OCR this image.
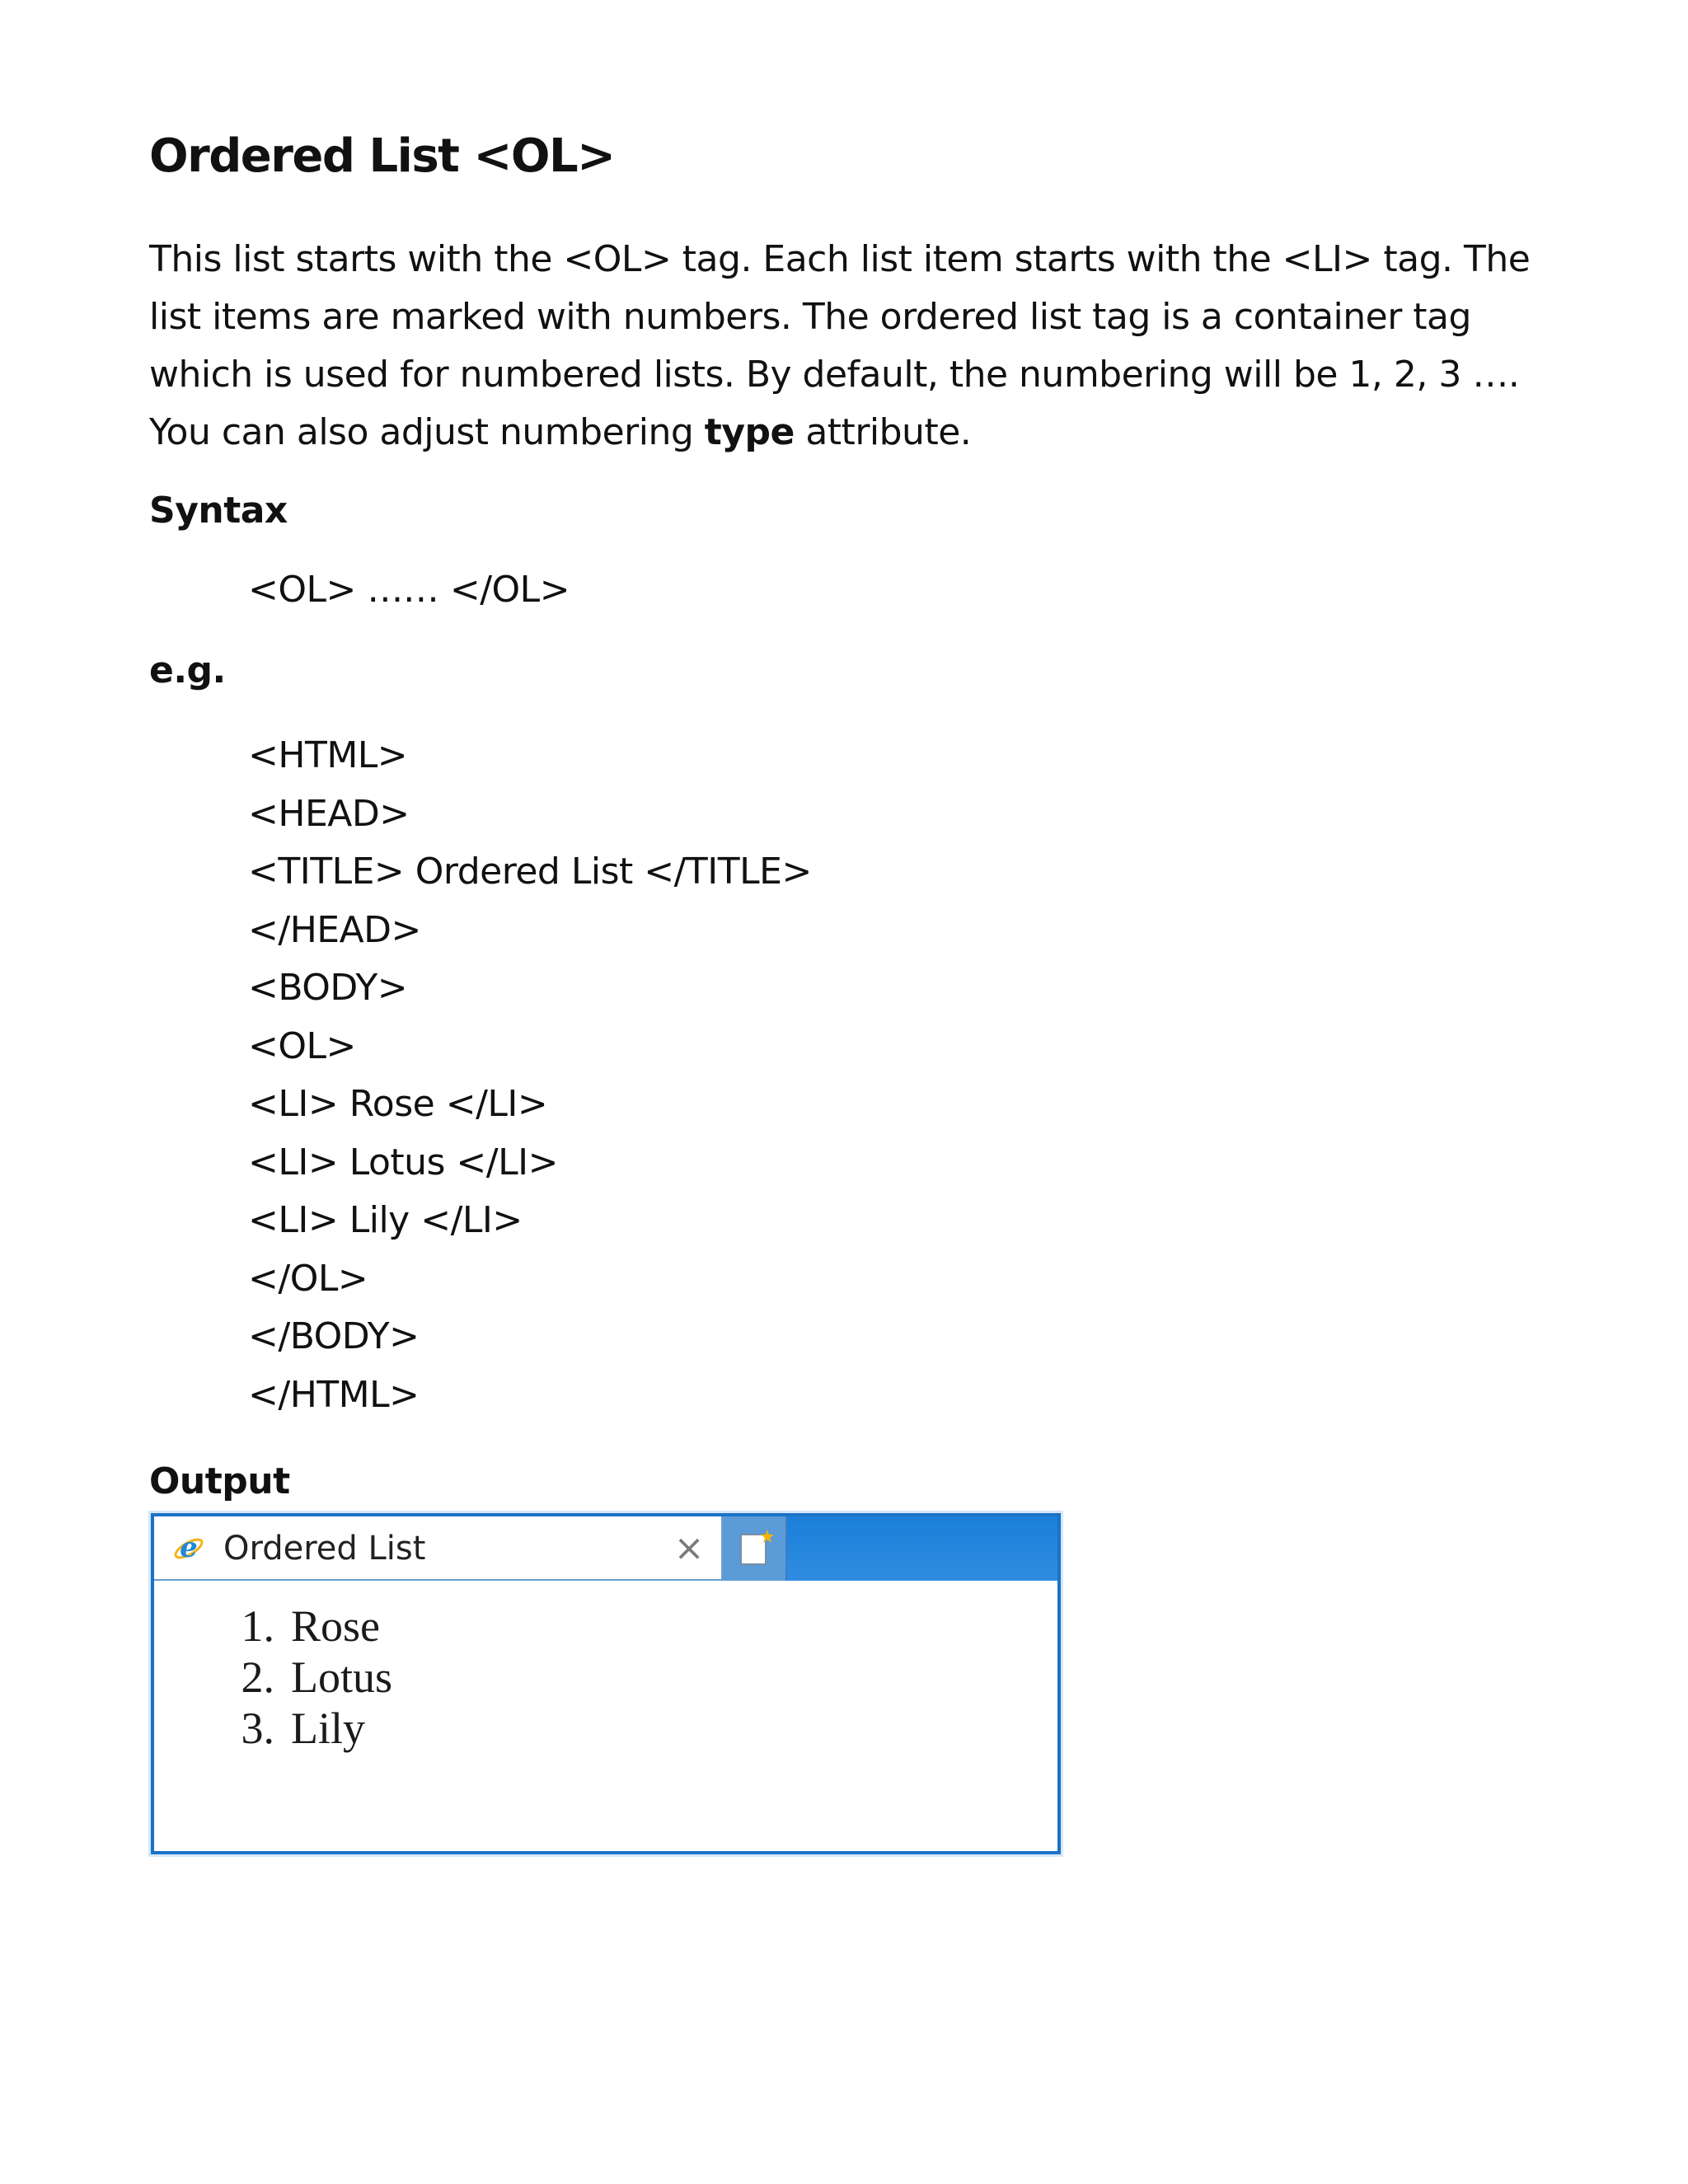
Ordered List <OL>
This list starts with the <OL> tag. Each list item starts with the <LI> tag. The
list items are marked with numbers. The ordered list tag is a container tag
which is used for numbered lists. By default, the numbering will be 1, 2, 3 ….
You can also adjust numbering type attribute.
Syntax
<OL> …… </OL>
e.g.
<HTML>
<HEAD>
<TITLE> Ordered List </TITLE>
</HEAD>
<BODY>
<OL>
<LI> Rose </LI>
<LI> Lotus </LI>
<LI> Lily </LI>
</OL>
</BODY>
</HTML>
Output
e Ordered List	×
1. Rose
2. Lotus
3. Lily
